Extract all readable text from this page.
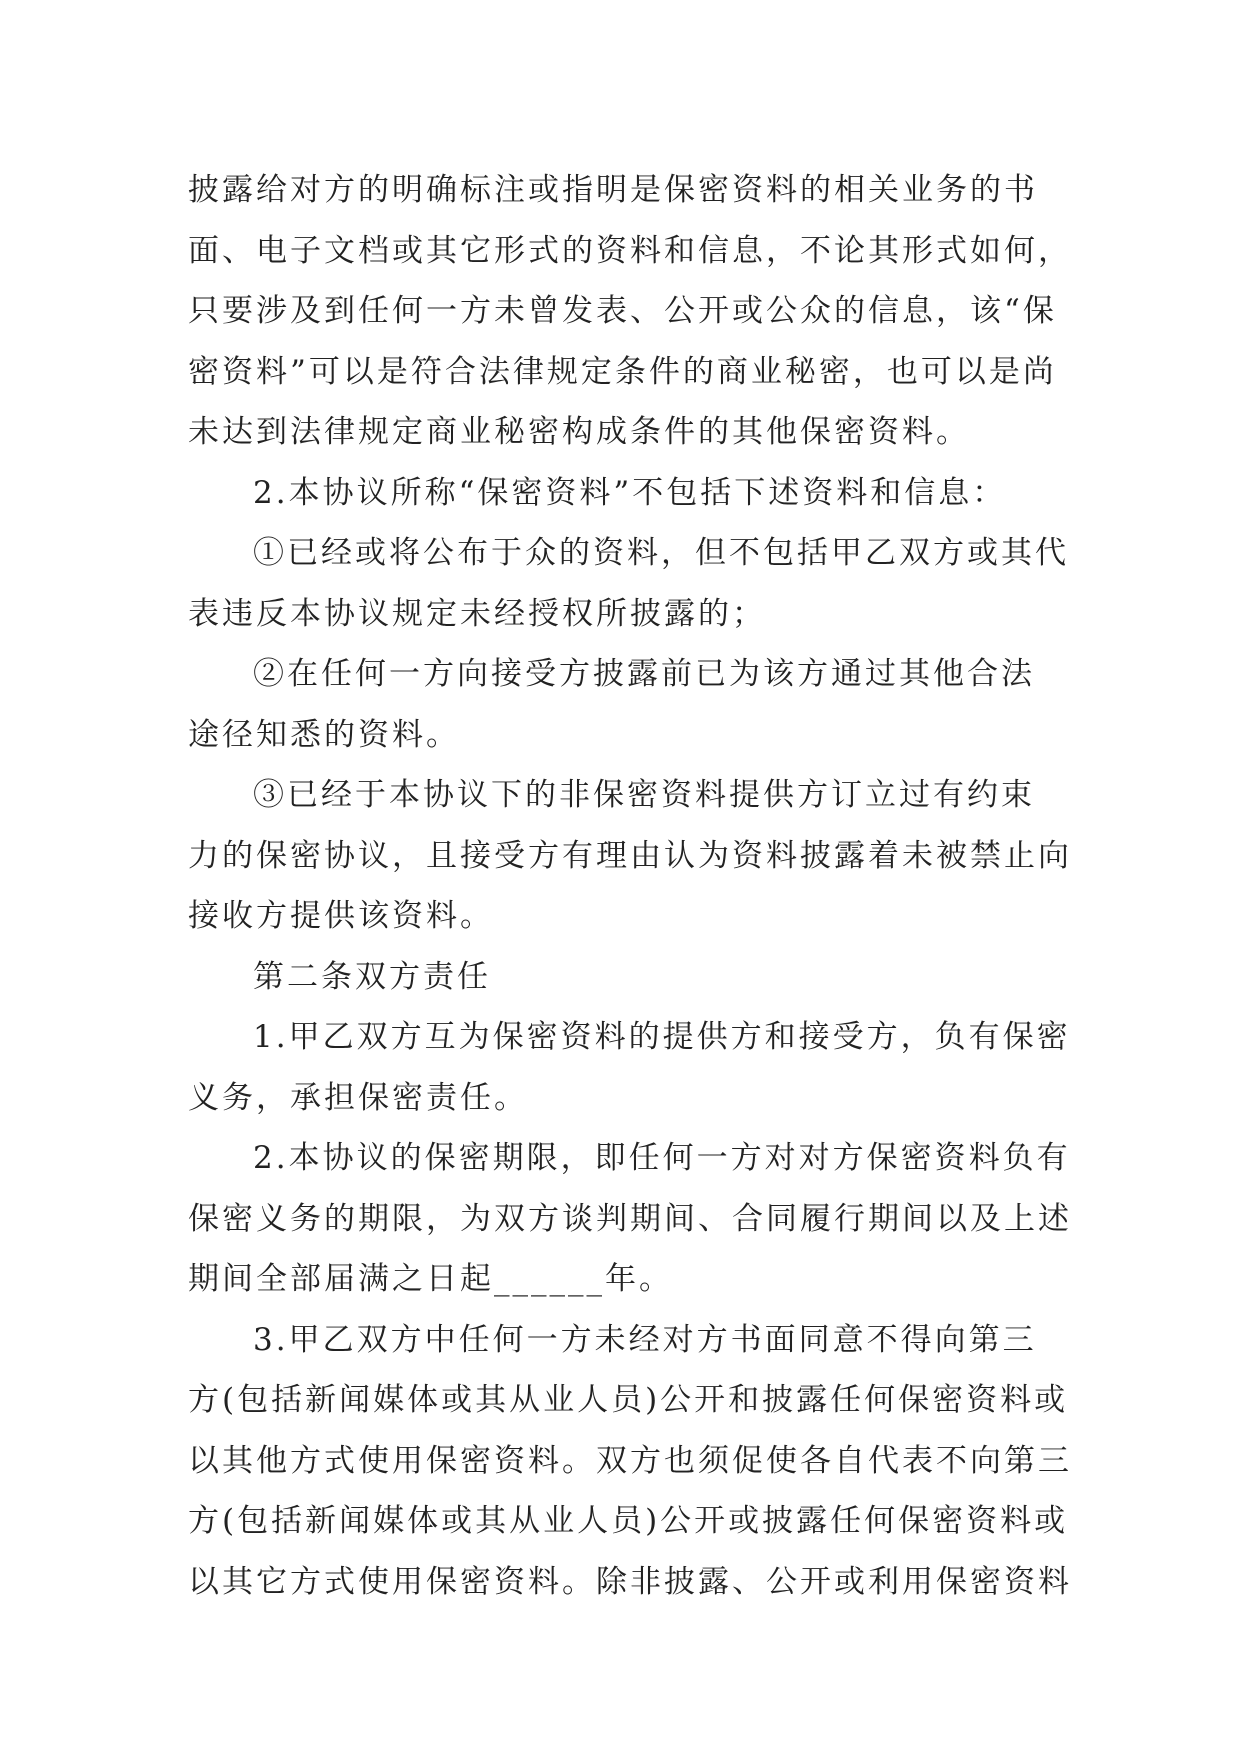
披露给对方的明确标注或指明是保密资料的相关业务的书
面、电子文档或其它形式的资料和信息，不论其形式如何，
只要涉及到任何一方未曾发表、公开或公众的信息，该“保
密资料”可以是符合法律规定条件的商业秘密，也可以是尚
未达到法律规定商业秘密构成条件的其他保密资料。
2.本协议所称“保密资料”不包括下述资料和信息：
①已经或将公布于众的资料，但不包括甲乙双方或其代
表违反本协议规定未经授权所披露的；
②在任何一方向接受方披露前已为该方通过其他合法
途径知悉的资料。
③已经于本协议下的非保密资料提供方订立过有约束
力的保密协议，且接受方有理由认为资料披露着未被禁止向
接收方提供该资料。
第二条双方责任
1.甲乙双方互为保密资料的提供方和接受方，负有保密
义务，承担保密责任。
2.本协议的保密期限，即任何一方对对方保密资料负有
保密义务的期限，为双方谈判期间、合同履行期间以及上述
期间全部届满之日起______年。
3.甲乙双方中任何一方未经对方书面同意不得向第三
方(包括新闻媒体或其从业人员)公开和披露任何保密资料或
以其他方式使用保密资料。双方也须促使各自代表不向第三
方(包括新闻媒体或其从业人员)公开或披露任何保密资料或
以其它方式使用保密资料。除非披露、公开或利用保密资料
